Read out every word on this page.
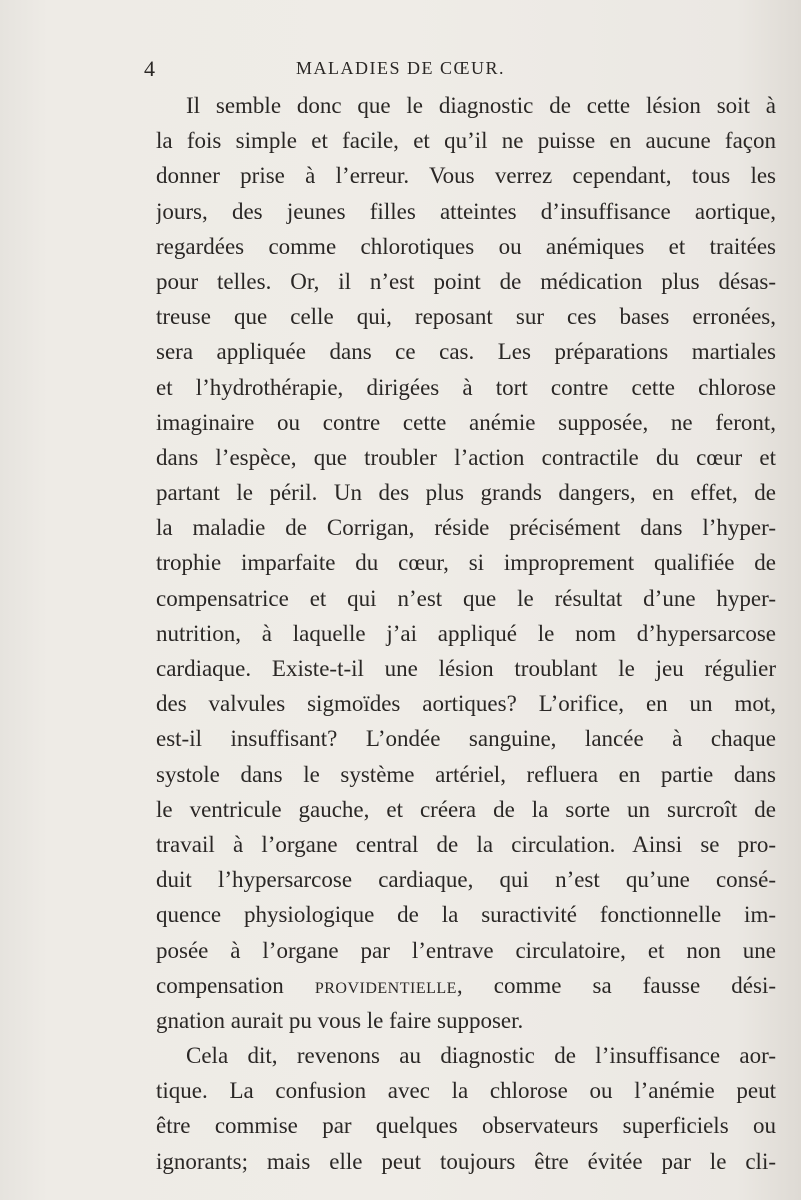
4	MALADIES DE CŒUR.
Il semble donc que le diagnostic de cette lésion soit à
la fois simple et facile, et qu’il ne puisse en aucune façon
donner prise à l’erreur. Vous verrez cependant, tous les
jours, des jeunes filles atteintes d’insuffisance aortique,
regardées comme chlorotiques ou anémiques et traitées
pour telles. Or, il n’est point de médication plus désas-
treuse que celle qui, reposant sur ces bases erronées,
sera appliquée dans ce cas. Les préparations martiales
et l’hydrothérapie, dirigées à tort contre cette chlorose
imaginaire ou contre cette anémie supposée, ne feront,
dans l’espèce, que troubler l’action contractile du cœur et
partant le péril. Un des plus grands dangers, en effet, de
la maladie de Corrigan, réside précisément dans l’hyper-
trophie imparfaite du cœur, si improprement qualifiée de
compensatrice et qui n’est que le résultat d’une hyper-
nutrition, à laquelle j’ai appliqué le nom d’hypersarcose
cardiaque. Existe-t-il une lésion troublant le jeu régulier
des valvules sigmoïdes aortiques? L’orifice, en un mot,
est-il insuffisant? L’ondée sanguine, lancée à chaque
systole dans le système artériel, refluera en partie dans
le ventricule gauche, et créera de la sorte un surcroît de
travail à l’organe central de la circulation. Ainsi se pro-
duit l’hypersarcose cardiaque, qui n’est qu’une consé-
quence physiologique de la suractivité fonctionnelle im-
posée à l’organe par l’entrave circulatoire, et non une
compensation providentielle, comme sa fausse dési-
gnation aurait pu vous le faire supposer.
Cela dit, revenons au diagnostic de l’insuffisance aor-
tique. La confusion avec la chlorose ou l’anémie peut
être commise par quelques observateurs superficiels ou
ignorants; mais elle peut toujours être évitée par le cli-
